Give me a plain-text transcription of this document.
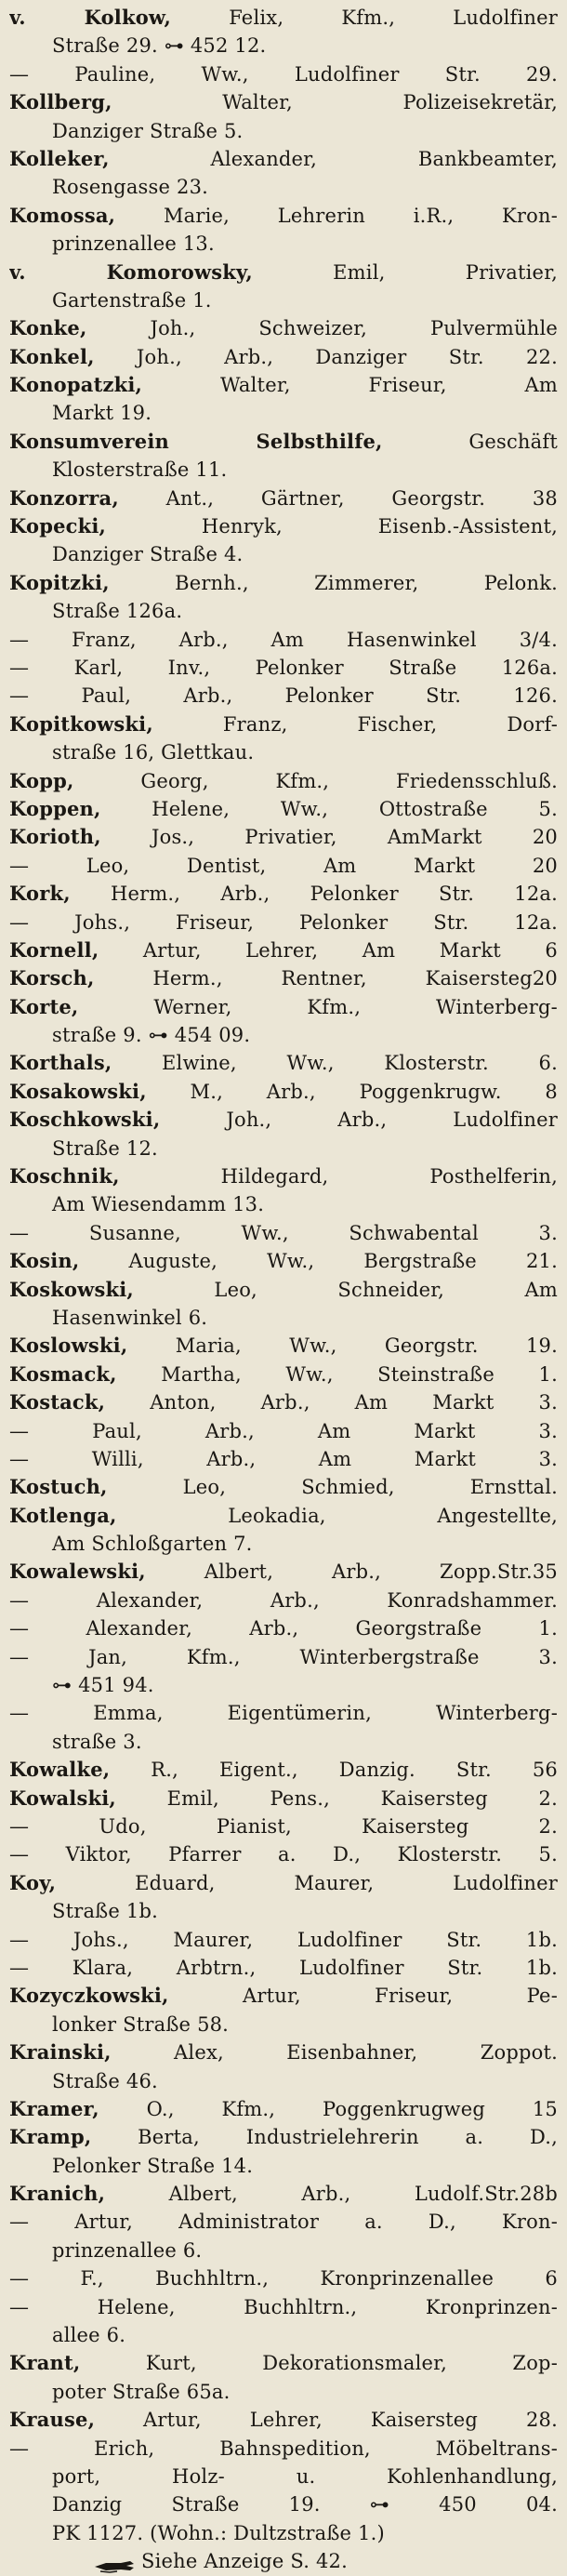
v. Kolkow,	Felix, Kfm., Ludolfiner
Straße 29. ⊶ 452 12.
— Pauline, Ww., Ludolfiner Str. 29.
Kollberg,	Walter, Polizeisekretär,
Danziger Straße 5.
Kolleker,	Alexander, Bankbeamter,
Rosengasse 23.
Komossa, Marie, Lehrerin i.R., Kron-
prinzenallee 13.
v. Komorowsky,	Emil, Privatier,
Gartenstraße 1.
Konke,	Joh., Schweizer, Pulvermühle
Konkel, Joh., Arb., Danziger Str. 22.
Konopatzki,	Walter, Friseur, Am
Markt 19.
Konsumverein Selbsthilfe,	Geschäft
Klosterstraße 11.
Konzorra, Ant., Gärtner, Georgstr. 38
Kopecki,	Henryk, Eisenb.-Assistent,
Danziger Straße 4.
Kopitzki,	Bernh., Zimmerer, Pelonk.
Straße 126a.
— Franz, Arb., Am Hasenwinkel 3/4.
— Karl, Inv., Pelonker Straße 126a.
— Paul,	Arb., Pelonker Str. 126.
Kopitkowski,	Franz, Fischer, Dorf-
straße 16, Glettkau.
Kopp,	Georg, Kfm., Friedensschluß.
Koppen,	Helene, Ww., Ottostraße 5.
Korioth,	Jos., Privatier, AmMarkt 20
— Leo,	Dentist, Am Markt 20
Kork, Herm., Arb., Pelonker Str. 12a.
— Johs., Friseur, Pelonker Str. 12a.
Kornell, Artur, Lehrer, Am Markt 6
Korsch,	Herm., Rentner, Kaisersteg20
Korte,	Werner, Kfm., Winterberg-
straße 9. ⊶ 454 09.
Korthals,	Elwine, Ww., Klosterstr. 6.
Kosakowski, M., Arb., Poggenkrugw. 8
Koschkowski,	Joh., Arb., Ludolfiner
Straße 12.
Koschnik,	Hildegard, Posthelferin,
Am Wiesendamm 13.
— Susanne,	Ww., Schwabental 3.
Kosin,	Auguste, Ww., Bergstraße 21.
Koskowski,	Leo, Schneider, Am
Hasenwinkel 6.
Koslowski, Maria, Ww., Georgstr. 19.
Kosmack, Martha, Ww., Steinstraße 1.
Kostack, Anton, Arb., Am Markt 3.
— Paul,	Arb., Am Markt 3.
— Willi,	Arb., Am Markt 3.
Kostuch,	Leo, Schmied, Ernsttal.
Kotlenga,	Leokadia, Angestellte,
Am Schloßgarten 7.
Kowalewski,	Albert, Arb., Zopp.Str.35
— Alexander,	Arb., Konradshammer.
— Alexander,	Arb., Georgstraße 1.
— Jan,	Kfm., Winterbergstraße 3.
⊶ 451 94.
— Emma,	Eigentümerin, Winterberg-
straße 3.
Kowalke, R., Eigent., Danzig. Str. 56
Kowalski,	Emil, Pens., Kaisersteg 2.
— Udo,	Pianist, Kaisersteg 2.
— Viktor, Pfarrer a. D., Klosterstr. 5.
Koy,	Eduard, Maurer, Ludolfiner
Straße 1b.
— Johs., Maurer, Ludolfiner Str. 1b.
— Klara, Arbtrn., Ludolfiner Str. 1b.
Kozyczkowski,	Artur, Friseur, Pe-
lonker Straße 58.
Krainski,	Alex, Eisenbahner, Zoppot.
Straße 46.
Kramer, O., Kfm., Poggenkrugweg 15
Kramp, Berta, Industrielehrerin a. D.,
Pelonker Straße 14.
Kranich,	Albert, Arb., Ludolf.Str.28b
— Artur, Administrator a. D., Kron-
prinzenallee 6.
— F.,	Buchhltrn., Kronprinzenallee 6
— Helene,	Buchhltrn., Kronprinzen-
allee 6.
Krant,	Kurt, Dekorationsmaler, Zop-
poter Straße 65a.
Krause, Artur, Lehrer, Kaisersteg 28.
— Erich,	Bahnspedition, Möbeltrans-
port, Holz- u. Kohlenhandlung,
Danzig Straße 19. ⊶ 450 04.
PK 1127. (Wohn.: Dultzstraße 1.)
Siehe Anzeige S. 42.
